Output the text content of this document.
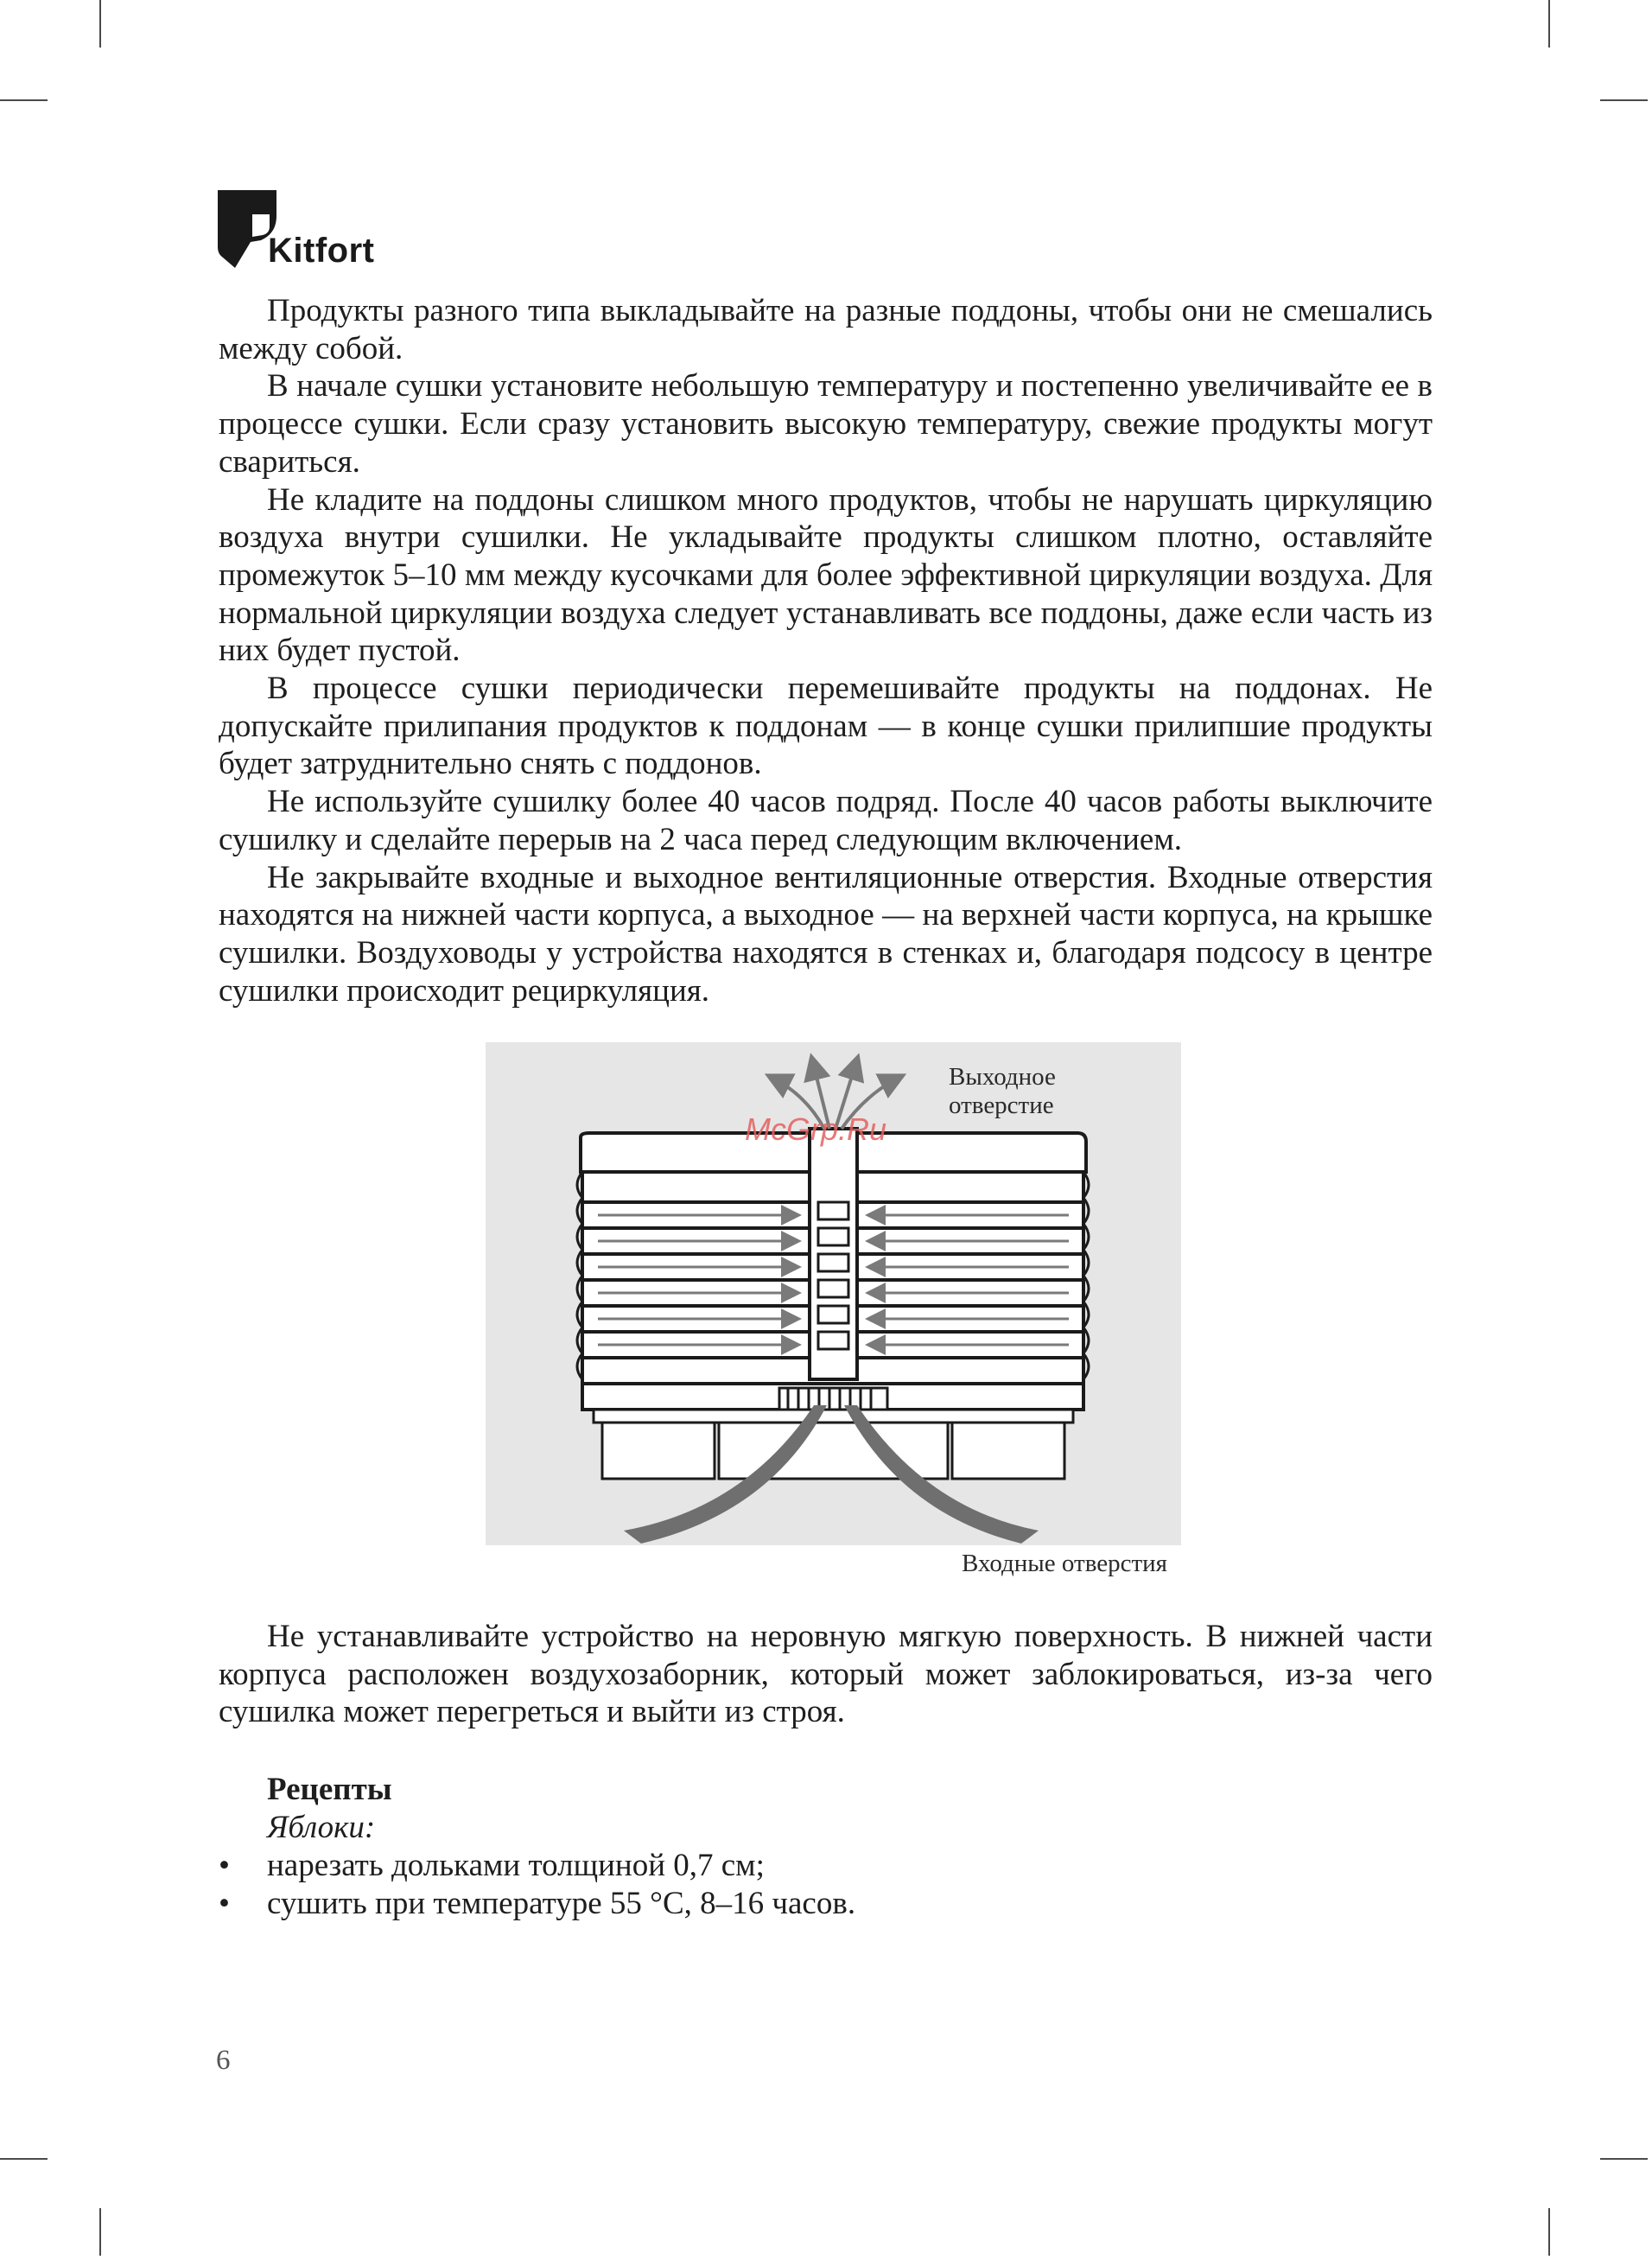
Kitfort

Продукты разного типа выкладывайте на разные поддоны, чтобы они не смешались между собой.

В начале сушки установите небольшую температуру и постепенно увеличивайте ее в процессе сушки. Если сразу установить высокую температуру, свежие продукты могут свариться.

Не кладите на поддоны слишком много продуктов, чтобы не нарушать циркуляцию воздуха внутри сушилки. Не укладывайте продукты слишком плотно, оставляйте промежуток 5–10 мм между кусочками для более эффективной циркуляции воздуха. Для нормальной циркуляции воздуха следует устанавливать все поддоны, даже если часть из них будет пустой.

В процессе сушки периодически перемешивайте продукты на поддонах. Не допускайте прилипания продуктов к поддонам — в конце сушки прилипшие продукты будет затруднительно снять с поддонов.

Не используйте сушилку более 40 часов подряд. После 40 часов работы выключите сушилку и сделайте перерыв на 2 часа перед следующим включением.

Не закрывайте входные и выходное вентиляционные отверстия. Входные отверстия находятся на нижней части корпуса, а выходное — на верхней части корпуса, на крышке сушилки. Воздуховоды у устройства находятся в стенках и, благодаря подсосу в центре сушилки происходит рециркуляция.

McGrp.Ru
Выходное отверстие
Входные отверстия

Не устанавливайте устройство на неровную мягкую поверхность. В нижней части корпуса расположен воздухозаборник, который может заблокироваться, из-за чего сушилка может перегреться и выйти из строя.

Рецепты
Яблоки:
• нарезать дольками толщиной 0,7 см;
• сушить при температуре 55 °C, 8–16 часов.
6
